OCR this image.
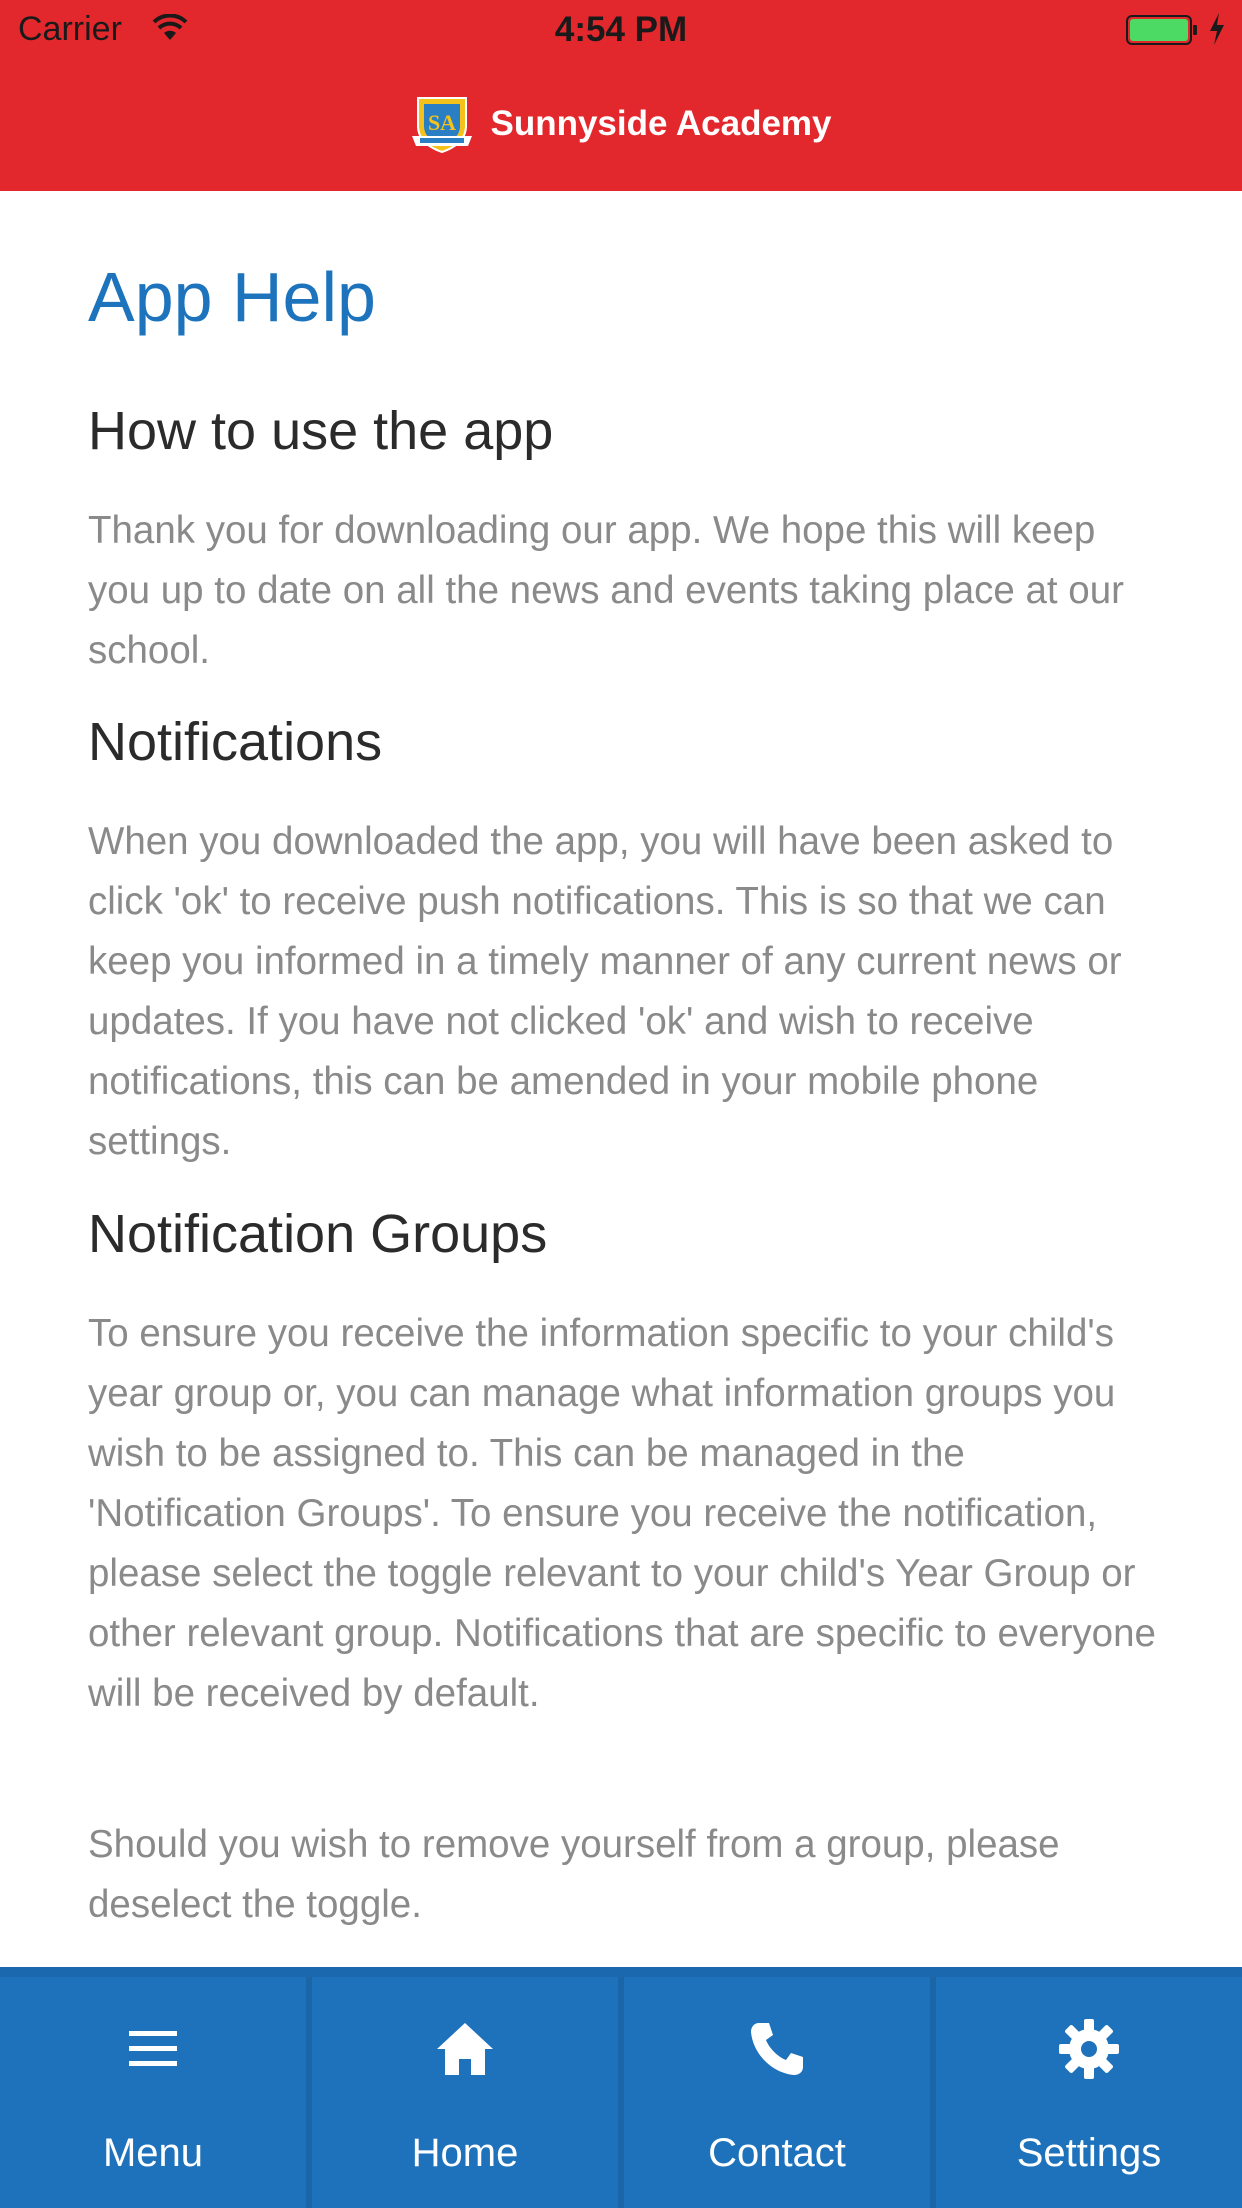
Carrier	4:54 PM
SA Sunnyside Academy
App Help
How to use the app

Thank you for downloading our app. We hope this will keep you up to date on all the news and events taking place at our school.

Notifications

When you downloaded the app, you will have been asked to click 'ok' to receive push notifications. This is so that we can keep you informed in a timely manner of any current news or updates. If you have not clicked 'ok' and wish to receive notifications, this can be amended in your mobile phone settings.

Notification Groups

To ensure you receive the information specific to your child's year group or, you can manage what information groups you wish to be assigned to. This can be managed in the 'Notification Groups'. To ensure you receive the notification, please select the toggle relevant to your child's Year Group or other relevant group. Notifications that are specific to everyone will be received by default.

Should you wish to remove yourself from a group, please deselect the toggle.

Menu	Home	Contact	Settings
